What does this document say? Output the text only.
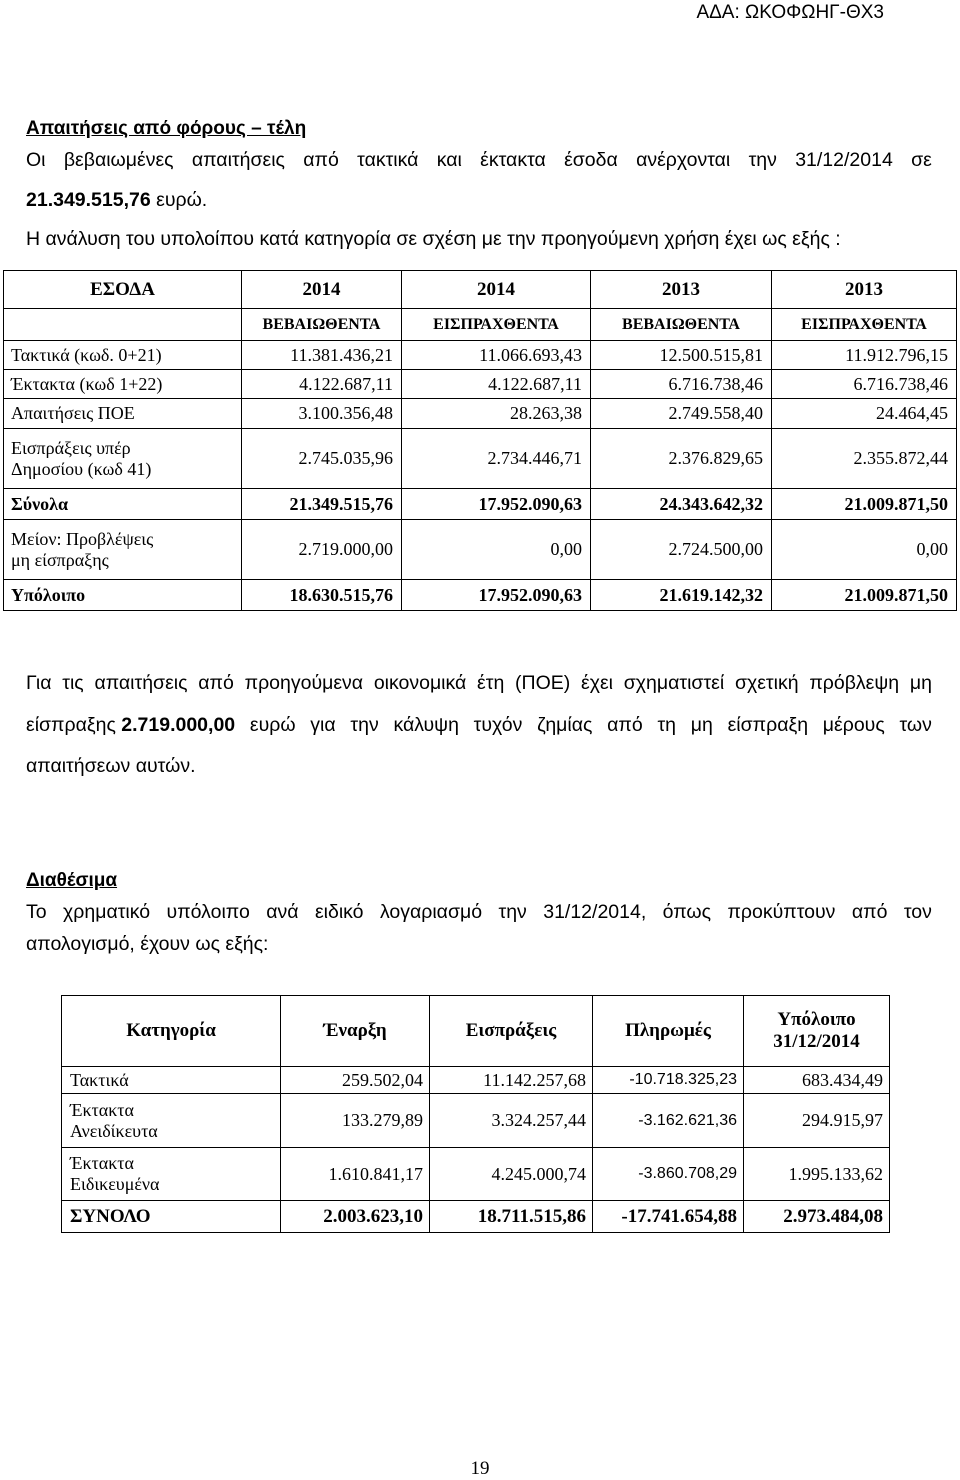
ΑΔΑ: ΩΚΟΦΩΗΓ-ΘΧ3
Απαιτήσεις από φόρους – τέλη
Οι βεβαιωμένες απαιτήσεις από τακτικά και έκτακτα έσοδα ανέρχονται την 31/12/2014 σε
21.349.515,76 ευρώ.
Η ανάλυση του υπολοίπου κατά κατηγορία σε σχέση με την προηγούμενη χρήση έχει ως εξής :
ΕΣΟΔΑ	2014	2014	2013	2013
	ΒΕΒΑΙΩΘΕΝΤΑ	ΕΙΣΠΡΑΧΘΕΝΤΑ	ΒΕΒΑΙΩΘΕΝΤΑ	ΕΙΣΠΡΑΧΘΕΝΤΑ
Τακτικά (κωδ. 0+21)	11.381.436,21	11.066.693,43	12.500.515,81	11.912.796,15
Έκτακτα (κωδ 1+22)	4.122.687,11	4.122.687,11	6.716.738,46	6.716.738,46
Απαιτήσεις ΠΟΕ	3.100.356,48	28.263,38	2.749.558,40	24.464,45
Εισπράξεις υπέρ
Δημοσίου (κωδ 41)	2.745.035,96	2.734.446,71	2.376.829,65	2.355.872,44
Σύνολα	21.349.515,76	17.952.090,63	24.343.642,32	21.009.871,50
Μείον: Προβλέψεις
μη είσπραξης	2.719.000,00	0,00	2.724.500,00	0,00
Υπόλοιπο	18.630.515,76	17.952.090,63	21.619.142,32	21.009.871,50
Για τις απαιτήσεις από προηγούμενα οικονομικά έτη (ΠΟΕ) έχει σχηματιστεί σχετική πρόβλεψη μη
είσπραξης 2.719.000,00 ευρώ για την κάλυψη τυχόν ζημίας από τη μη είσπραξη μέρους των
απαιτήσεων αυτών.
Διαθέσιμα
Το χρηματικό υπόλοιπο ανά ειδικό λογαριασμό την 31/12/2014, όπως προκύπτουν από τον
απολογισμό, έχουν ως εξής:
Κατηγορία	Έναρξη	Εισπράξεις	Πληρωμές	Υπόλοιπο
31/12/2014
Τακτικά	259.502,04	11.142.257,68	-10.718.325,23	683.434,49
Έκτακτα
Ανειδίκευτα	133.279,89	3.324.257,44	-3.162.621,36	294.915,97
Έκτακτα
Ειδικευμένα	1.610.841,17	4.245.000,74	-3.860.708,29	1.995.133,62
ΣΥΝΟΛΟ	2.003.623,10	18.711.515,86	-17.741.654,88	2.973.484,08
19
